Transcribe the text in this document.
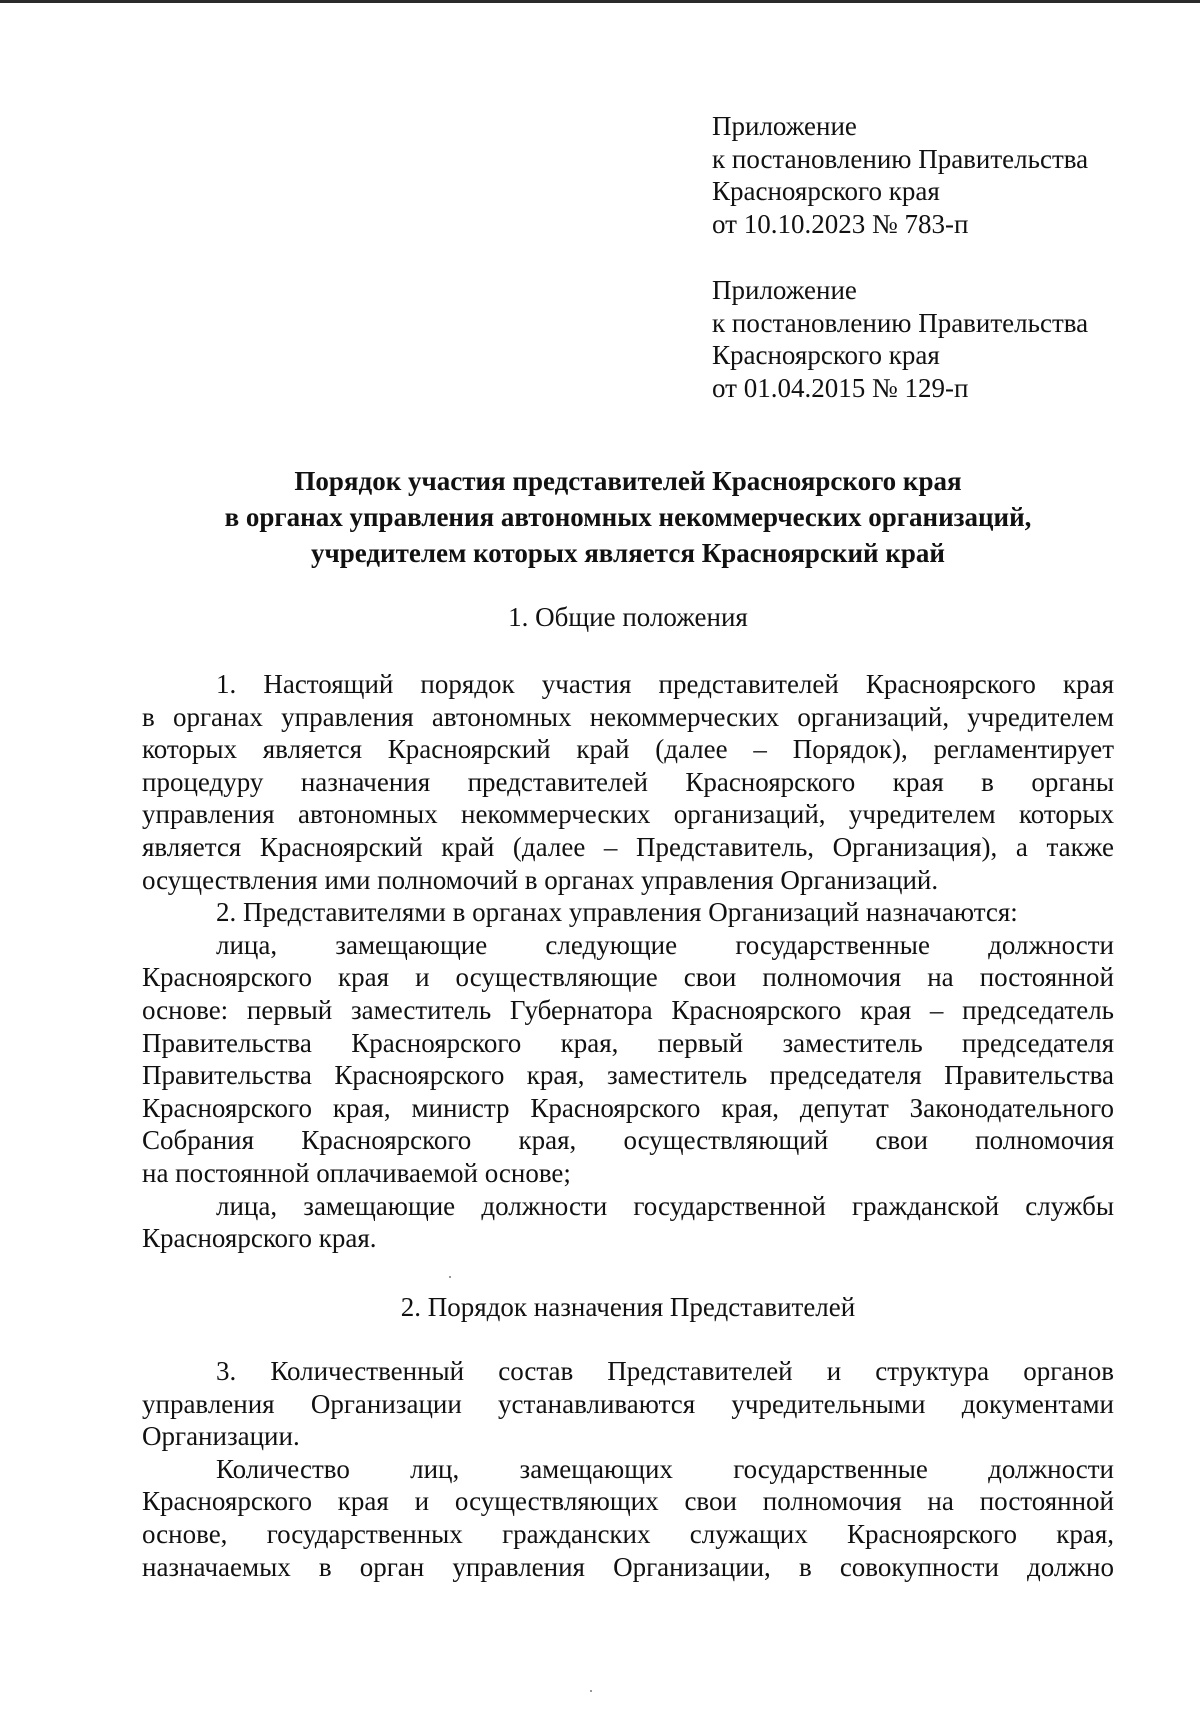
Приложение
к постановлению Правительства
Красноярского края
от 10.10.2023 № 783-п
Приложение
к постановлению Правительства
Красноярского края
от 01.04.2015 № 129-п
Порядок участия представителей Красноярского края
в органах управления автономных некоммерческих организаций,
учредителем которых является Красноярский край
1. Общие положения
1. Настоящий порядок участия представителей Красноярского края
в органах управления автономных некоммерческих организаций, учредителем
которых является Красноярский край (далее – Порядок), регламентирует
процедуру назначения представителей Красноярского края в органы
управления автономных некоммерческих организаций, учредителем которых
является Красноярский край (далее – Представитель, Организация), а также
осуществления ими полномочий в органах управления Организаций.
2. Представителями в органах управления Организаций назначаются:
лица, замещающие следующие государственные должности
Красноярского края и осуществляющие свои полномочия на постоянной
основе: первый заместитель Губернатора Красноярского края – председатель
Правительства Красноярского края, первый заместитель председателя
Правительства Красноярского края, заместитель председателя Правительства
Красноярского края, министр Красноярского края, депутат Законодательного
Собрания Красноярского края, осуществляющий свои полномочия
на постоянной оплачиваемой основе;
лица, замещающие должности государственной гражданской службы
Красноярского края.
2. Порядок назначения Представителей
3. Количественный состав Представителей и структура органов
управления Организации устанавливаются учредительными документами
Организации.
Количество лиц, замещающих государственные должности
Красноярского края и осуществляющих свои полномочия на постоянной
основе, государственных гражданских служащих Красноярского края,
назначаемых в орган управления Организации, в совокупности должно
